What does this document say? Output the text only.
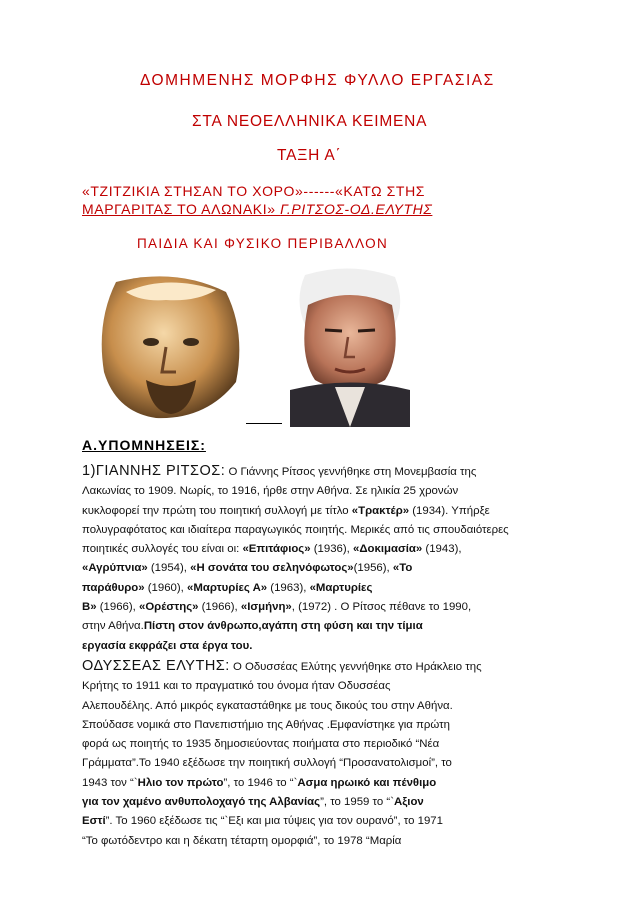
ΔΟΜΗΜΕΝΗΣ ΜΟΡΦΗΣ ΦΥΛΛΟ ΕΡΓΑΣΙΑΣ
ΣΤΑ ΝΕΟΕΛΛΗΝΙΚΑ ΚΕΙΜΕΝΑ
ΤΑΞΗ Α΄
«ΤΖΙΤΖΙΚΙΑ ΣΤΗΣΑΝ ΤΟ ΧΟΡΟ»------«ΚΑΤΩ ΣΤΗΣ
ΜΑΡΓΑΡΙΤΑΣ ΤΟ ΑΛΩΝΑΚΙ» Γ.ΡΙΤΣΟΣ-ΟΔ.ΕΛΥΤΗΣ
ΠΑΙΔΙΑ ΚΑΙ ΦΥΣΙΚΟ ΠΕΡΙΒΑΛΛΟΝ
Α.ΥΠΟΜΝΗΣΕΙΣ:
1)ΓΙΑΝΝΗΣ ΡΙΤΣΟΣ: Ο Γιάννης Ρίτσος γεννήθηκε στη Μονεμβασία της
Λακωνίας το 1909. Νωρίς, το 1916, ήρθε στην Αθήνα. Σε ηλικία 25 χρονών
κυκλοφορεί την πρώτη του ποιητική συλλογή με τίτλο «Τρακτέρ» (1934). Υπήρξε
πολυγραφότατος και ιδιαίτερα παραγωγικός ποιητής. Μερικές από τις σπουδαιότερες
ποιητικές συλλογές του είναι οι: «Επιτάφιος» (1936), «Δοκιμασία» (1943),
«Αγρύπνια» (1954), «Η σονάτα του σεληνόφωτος»(1956), «Το
παράθυρο» (1960), «Μαρτυρίες Α» (1963), «Μαρτυρίες
Β» (1966), «Ορέστης» (1966), «Ισμήνη», (1972) . Ο Ρίτσος πέθανε το 1990,
στην Αθήνα.Πίστη στον άνθρωπο,αγάπη στη φύση και την τίμια
εργασία εκφράζει στα έργα του.
ΟΔΥΣΣΕΑΣ ΕΛΥΤΗΣ: Ο Οδυσσέας Ελύτης γεννήθηκε στο Ηράκλειο της
Κρήτης το 1911 και το πραγματικό του όνομα ήταν Οδυσσέας
Αλεπουδέλης. Από μικρός εγκαταστάθηκε με τους δικούς του στην Αθήνα.
Σπούδασε νομικά στο Πανεπιστήμιο της Αθήνας .Εμφανίστηκε για πρώτη
φορά ως ποιητής το 1935 δημοσιεύοντας ποιήματα στο περιοδικό “Νέα
Γράμματα”.Το 1940 εξέδωσε την ποιητική συλλογή “Προσανατολισμοί”, το
1943 τον “`Ηλιο τον πρώτο”, το 1946 το “`Ασμα ηρωικό και πένθιμο
για τον χαμένο ανθυπολοχαγό της Αλβανίας”, το 1959 το “`Αξιον
Εστί”. Το 1960 εξέδωσε τις “`Εξι και μια τύψεις για τον ουρανό”, το 1971
“Το φωτόδεντρο και η δέκατη τέταρτη ομορφιά”, το 1978 “Μαρία
